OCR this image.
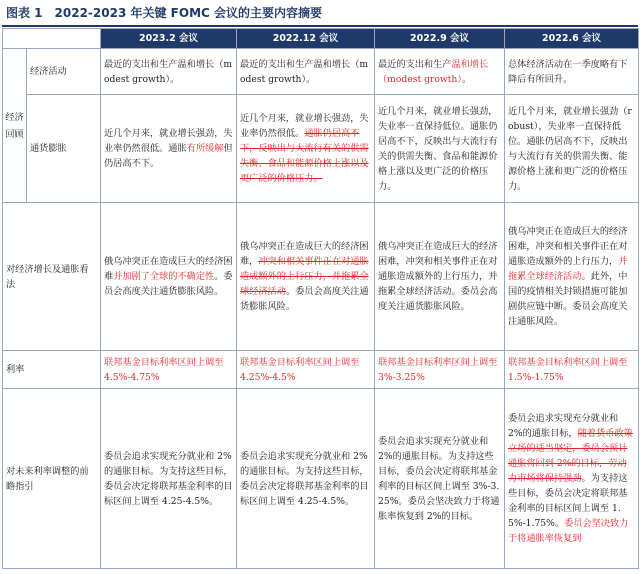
图表 1 2022-2023 年关键 FOMC 会议的主要内容摘要
		2023.2 会议	2022.12 会议	2022.9 会议	2022.6 会议
经济回顾	经济活动	最近的支出和生产温和增长（modest growth）。	最近的支出和生产温和增长（modest growth）。	最近的支出和生产温和增长（modest growth）。	总体经济活动在一季度略有下降后有所回升。
	通货膨胀	近几个月来，就业增长强劲，失业率仍然很低。通胀有所缓解但仍居高不下。	近几个月来，就业增长强劲，失业率仍然很低。通胀仍居高不下，反映出与大流行有关的供需失衡、食品和能源价格上涨以及更广泛的价格压力。	近几个月来，就业增长强劲，失业率一直保持低位。通胀仍居高不下，反映出与大流行有关的供需失衡、食品和能源价格上涨以及更广泛的价格压力。	近几个月来，就业增长强劲（robust），失业率一直保持低位。通胀仍居高不下，反映出与大流行有关的供需失衡、能源价格上涨和更广泛的价格压力。
对经济增长及通胀看法		俄乌冲突正在造成巨大的经济困难并加剧了全球的不确定性。委员会高度关注通货膨胀风险。	俄乌冲突正在造成巨大的经济困难，冲突和相关事件正在对通胀造成额外的上行压力，并拖累全球经济活动。委员会高度关注通货膨胀风险。	俄乌冲突正在造成巨大的经济困难，冲突和相关事件正在对通胀造成额外的上行压力，并拖累全球经济活动。委员会高度关注通货膨胀风险。	俄乌冲突正在造成巨大的经济困难，冲突和相关事件正在对通胀造成额外的上行压力，并拖累全球经济活动。此外，中国的疫情相关封锁措施可能加剧供应链中断。委员会高度关注通胀风险。
利率		联邦基金目标利率区间上调至 4.5%-4.75%	联邦基金目标利率区间上调至 4.25%-4.5%	联邦基金目标利率区间上调至 3%-3.25%	联邦基金目标利率区间上调至 1.5%-1.75%
对未来利率调整的前瞻指引		委员会追求实现充分就业和 2%的通胀目标。为支持这些目标，委员会决定将联邦基金利率的目标区间上调至 4.25-4.5%。	委员会追求实现充分就业和 2%的通胀目标。为支持这些目标，委员会决定将联邦基金利率的目标区间上调至 4.25-4.5%。	委员会追求实现充分就业和 2%的通胀目标。为支持这些目标，委员会决定将联邦基金利率的目标区间上调至 3%-3.25%。委员会坚决致力于将通胀率恢复到 2%的目标。	委员会追求实现充分就业和 2%的通胀目标，随着货币政策立场的适当坚定，委员会预计通胀将回到 2%的目标，劳动力市场将保持强劲。为支持这些目标，委员会决定将联邦基金利率的目标区间上调至 1.5%-1.75%。委员会坚决致力于将通胀率恢复到
